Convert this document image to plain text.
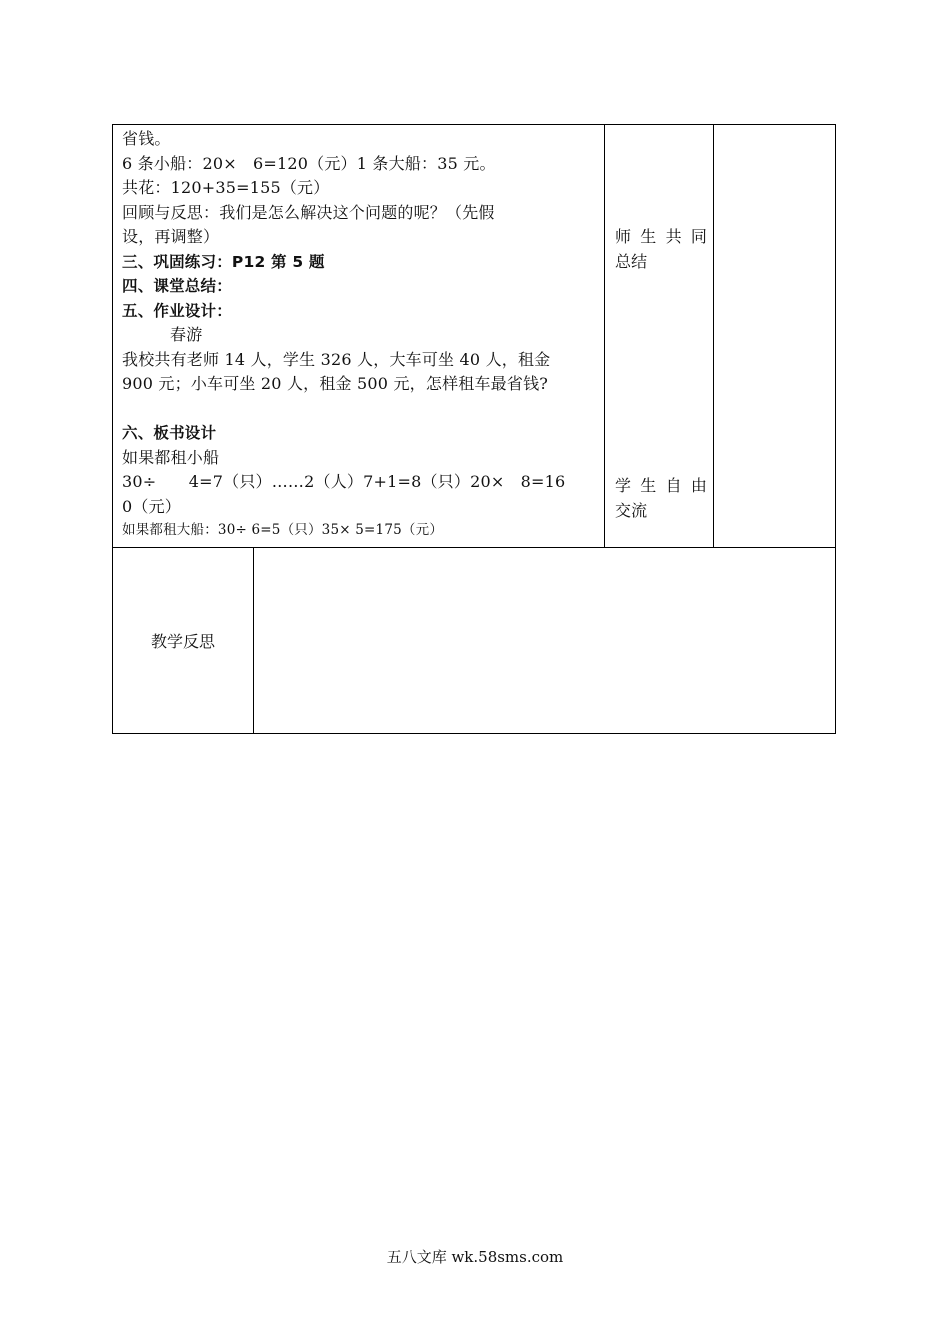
省钱。
6 条小船：20×　6=120（元）1 条大船：35 元。
共花：120+35=155（元）
回顾与反思：我们是怎么解决这个问题的呢？（先假
设，再调整）
三、巩固练习：P12 第 5 题
四、课堂总结：
五、作业设计：
春游
我校共有老师 14 人，学生 326 人，大车可坐 40 人，租金
900 元；小车可坐 20 人，租金 500 元，怎样租车最省钱?
六、板书设计
如果都租小船
30÷　　4=7（只）……2（人）7+1=8（只）20×　8=16
0（元）
如果都租大船：30÷ 6=5（只）35× 5=175（元）
师 生 共 同
总结
学 生 自 由
交流
教学反思
五八文库 wk.58sms.com
